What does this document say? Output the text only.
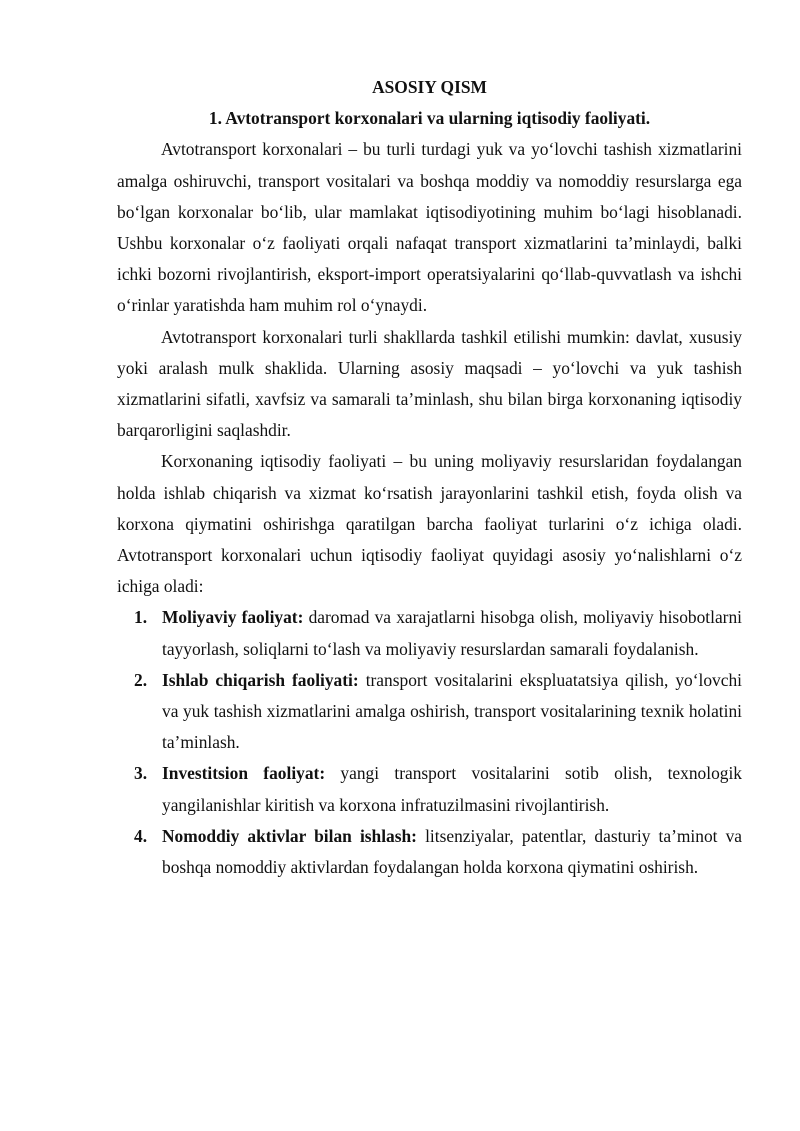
ASOSIY QISM

1. Avtotransport korxonalari va ularning iqtisodiy faoliyati.

Avtotransport korxonalari – bu turli turdagi yuk va yo‘lovchi tashish xizmatlarini amalga oshiruvchi, transport vositalari va boshqa moddiy va nomoddiy resurslarga ega bo‘lgan korxonalar bo‘lib, ular mamlakat iqtisodiyotining muhim bo‘lagi hisoblanadi. Ushbu korxonalar o‘z faoliyati orqali nafaqat transport xizmatlarini ta’minlaydi, balki ichki bozorni rivojlantirish, eksport-import operatsiyalarini qo‘llab-quvvatlash va ishchi o‘rinlar yaratishda ham muhim rol o‘ynaydi.

Avtotransport korxonalari turli shakllarda tashkil etilishi mumkin: davlat, xususiy yoki aralash mulk shaklida. Ularning asosiy maqsadi – yo‘lovchi va yuk tashish xizmatlarini sifatli, xavfsiz va samarali ta’minlash, shu bilan birga korxonaning iqtisodiy barqarorligini saqlashdir.

Korxonaning iqtisodiy faoliyati – bu uning moliyaviy resurslaridan foydalangan holda ishlab chiqarish va xizmat ko‘rsatish jarayonlarini tashkil etish, foyda olish va korxona qiymatini oshirishga qaratilgan barcha faoliyat turlarini o‘z ichiga oladi. Avtotransport korxonalari uchun iqtisodiy faoliyat quyidagi asosiy yo‘nalishlarni o‘z ichiga oladi:

1. Moliyaviy faoliyat: daromad va xarajatlarni hisobga olish, moliyaviy hisobotlarni tayyorlash, soliqlarni to‘lash va moliyaviy resurslardan samarali foydalanish.
2. Ishlab chiqarish faoliyati: transport vositalarini ekspluatatsiya qilish, yo‘lovchi va yuk tashish xizmatlarini amalga oshirish, transport vositalarining texnik holatini ta’minlash.
3. Investitsion faoliyat: yangi transport vositalarini sotib olish, texnologik yangilanishlar kiritish va korxona infratuzilmasini rivojlantirish.
4. Nomoddiy aktivlar bilan ishlash: litsenziyalar, patentlar, dasturiy ta’minot va boshqa nomoddiy aktivlardan foydalangan holda korxona qiymatini oshirish.
